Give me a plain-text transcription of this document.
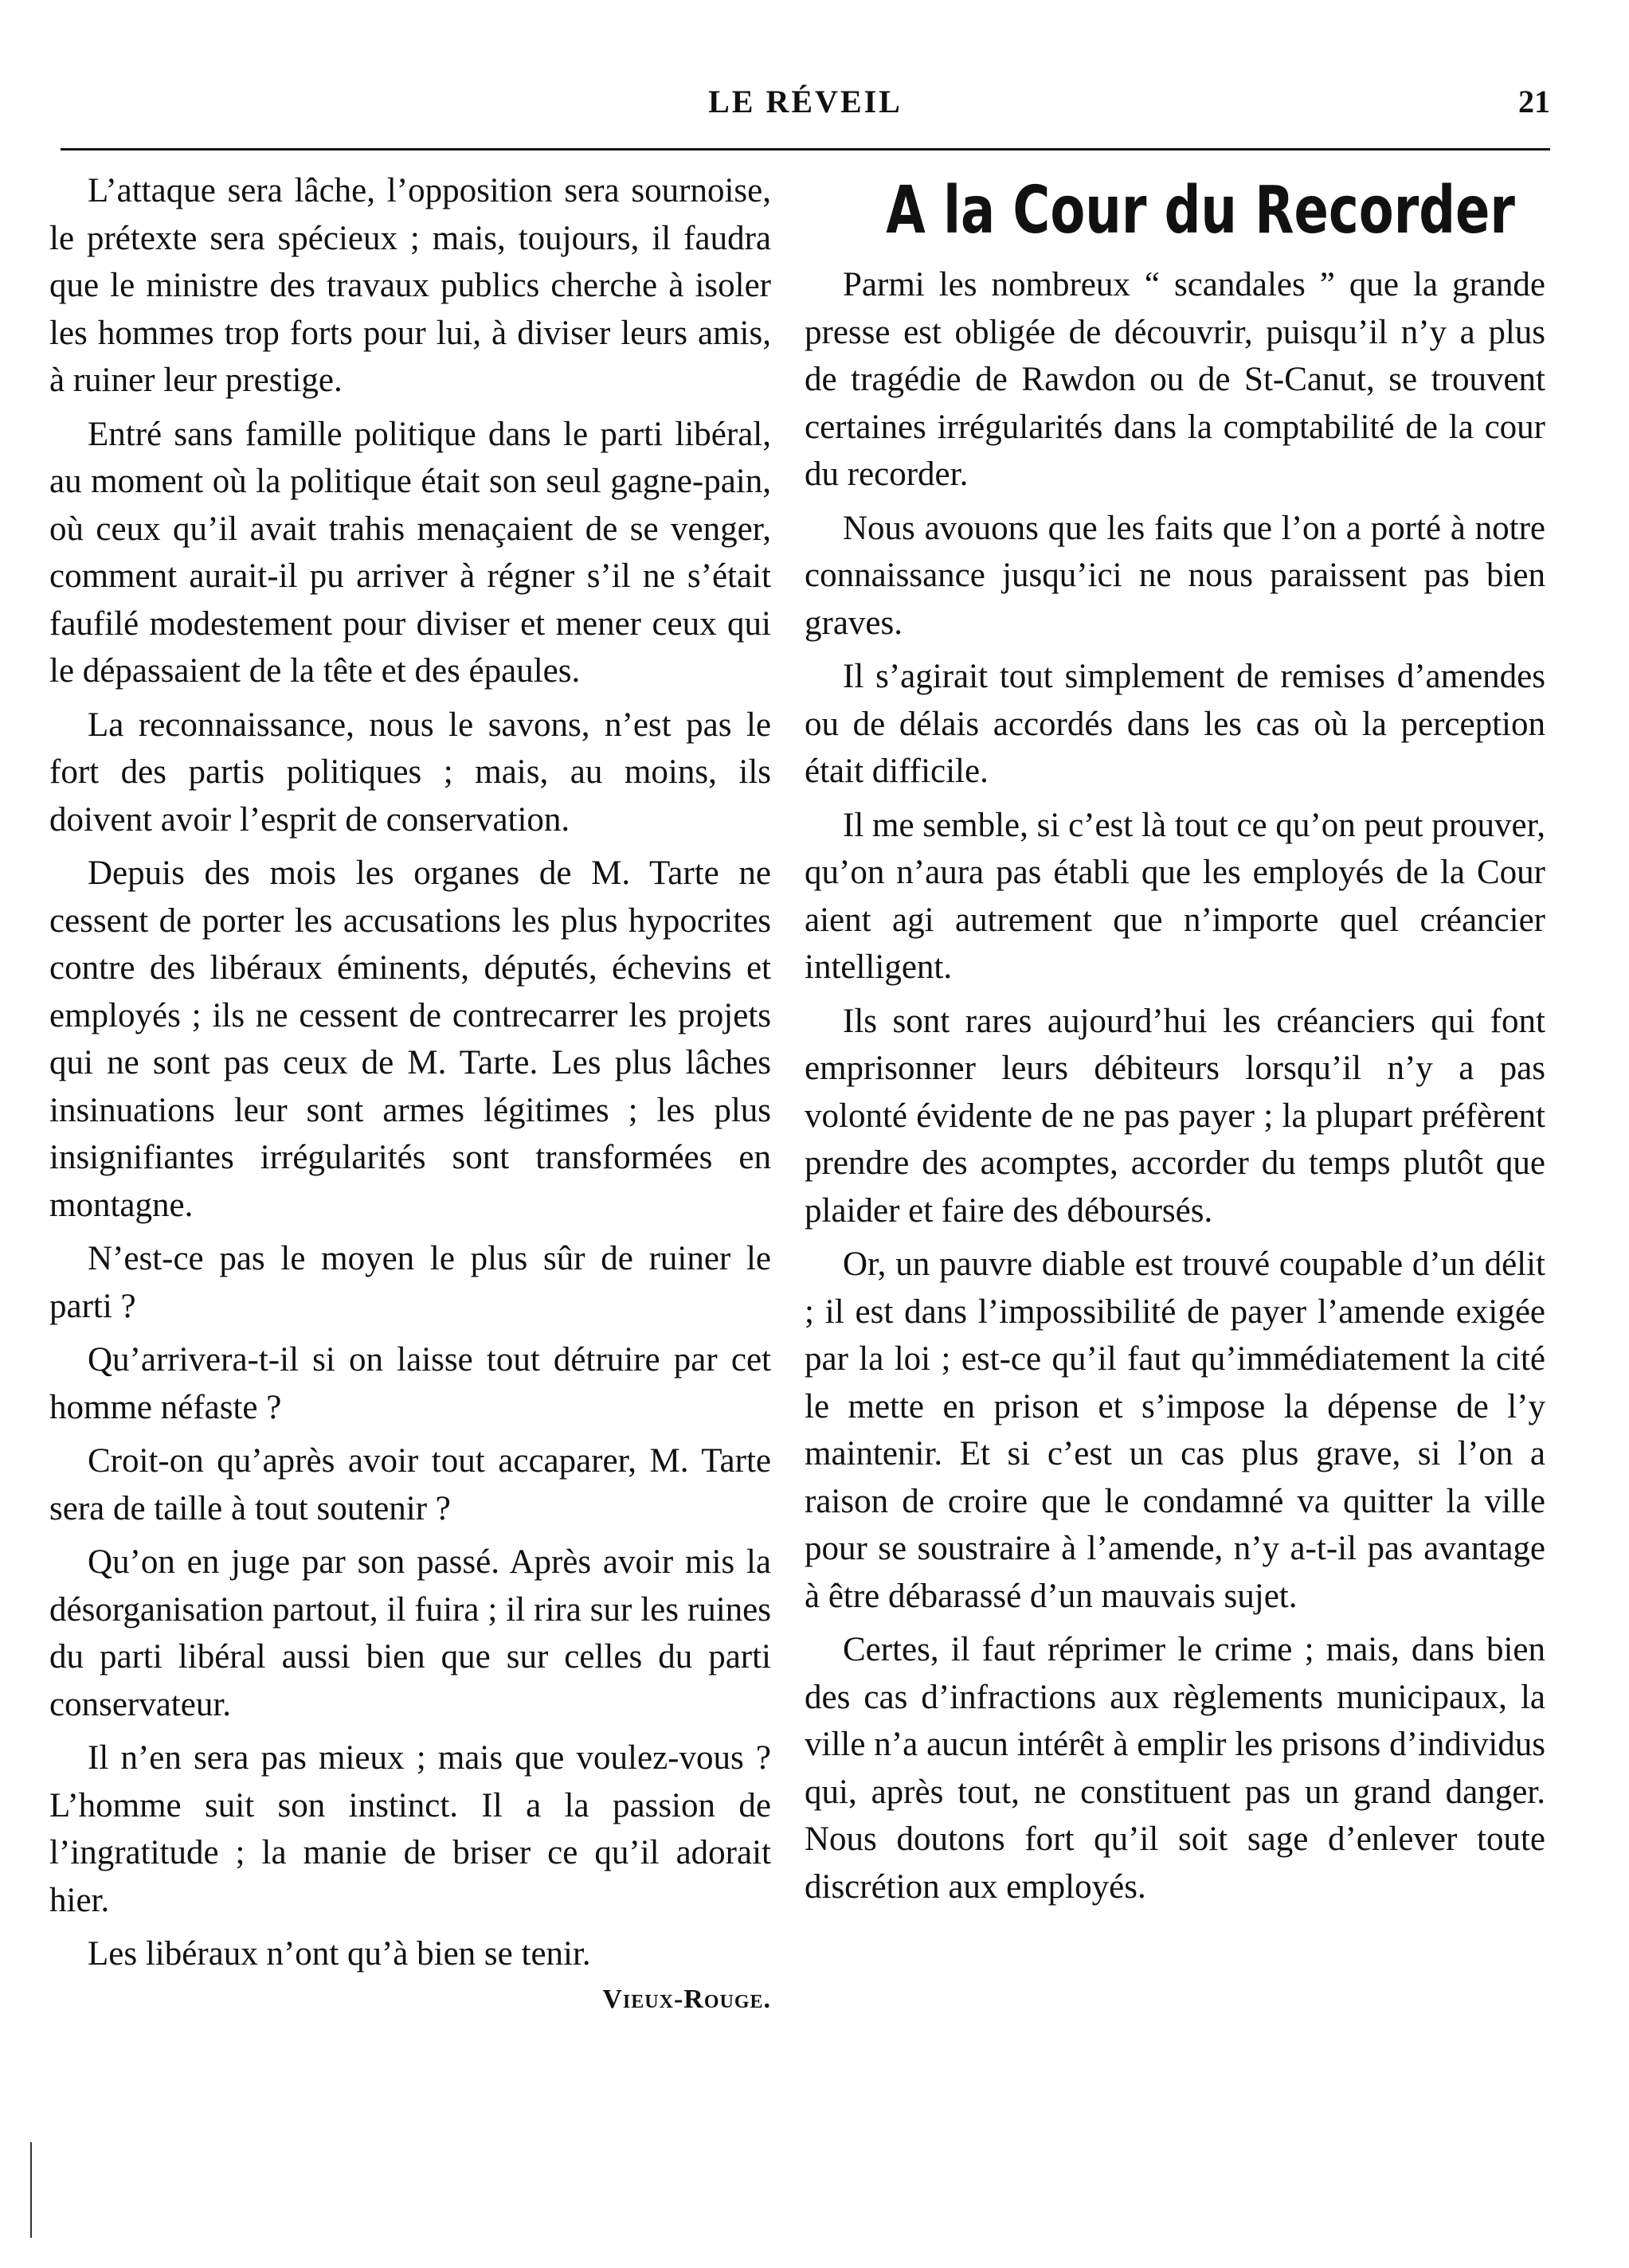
LE RÉVEIL	21

L’attaque sera lâche, l’opposition sera sournoise, le prétexte sera spécieux ; mais, toujours, il faudra que le ministre des travaux publics cherche à isoler les hommes trop forts pour lui, à diviser leurs amis, à ruiner leur prestige.

Entré sans famille politique dans le parti libéral, au moment où la politique était son seul gagne-pain, où ceux qu’il avait trahis menaçaient de se venger, comment aurait-il pu arriver à régner s’il ne s’était faufilé modestement pour diviser et mener ceux qui le dépassaient de la tête et des épaules.

La reconnaissance, nous le savons, n’est pas le fort des partis politiques ; mais, au moins, ils doivent avoir l’esprit de conservation.

Depuis des mois les organes de M. Tarte ne cessent de porter les accusations les plus hypocrites contre des libéraux éminents, députés, échevins et employés ; ils ne cessent de contrecarrer les projets qui ne sont pas ceux de M. Tarte. Les plus lâches insinuations leur sont armes légitimes ; les plus insignifiantes irrégularités sont transformées en montagne.

N’est-ce pas le moyen le plus sûr de ruiner le parti ?

Qu’arrivera-t-il si on laisse tout détruire par cet homme néfaste ?

Croit-on qu’après avoir tout accaparer, M. Tarte sera de taille à tout soutenir ?

Qu’on en juge par son passé. Après avoir mis la désorganisation partout, il fuira ; il rira sur les ruines du parti libéral aussi bien que sur celles du parti conservateur.

Il n’en sera pas mieux ; mais que voulez-vous ? L’homme suit son instinct. Il a la passion de l’ingratitude ; la manie de briser ce qu’il adorait hier.

Les libéraux n’ont qu’à bien se tenir.

Vieux-Rouge.
A la Cour du Recorder

Parmi les nombreux “ scandales ” que la grande presse est obligée de découvrir, puisqu’il n’y a plus de tragédie de Rawdon ou de St-Canut, se trouvent certaines irrégularités dans la comptabilité de la cour du recorder.

Nous avouons que les faits que l’on a porté à notre connaissance jusqu’ici ne nous paraissent pas bien graves.

Il s’agirait tout simplement de remises d’amendes ou de délais accordés dans les cas où la perception était difficile.

Il me semble, si c’est là tout ce qu’on peut prouver, qu’on n’aura pas établi que les employés de la Cour aient agi autrement que n’importe quel créancier intelligent.

Ils sont rares aujourd’hui les créanciers qui font emprisonner leurs débiteurs lorsqu’il n’y a pas volonté évidente de ne pas payer ; la plupart préfèrent prendre des acomptes, accorder du temps plutôt que plaider et faire des déboursés.

Or, un pauvre diable est trouvé coupable d’un délit ; il est dans l’impossibilité de payer l’amende exigée par la loi ; est-ce qu’il faut qu’immédiatement la cité le mette en prison et s’impose la dépense de l’y maintenir. Et si c’est un cas plus grave, si l’on a raison de croire que le condamné va quitter la ville pour se soustraire à l’amende, n’y a-t-il pas avantage à être débarassé d’un mauvais sujet.

Certes, il faut réprimer le crime ; mais, dans bien des cas d’infractions aux règlements municipaux, la ville n’a aucun intérêt à emplir les prisons d’individus qui, après tout, ne constituent pas un grand danger. Nous doutons fort qu’il soit sage d’enlever toute discrétion aux employés.
